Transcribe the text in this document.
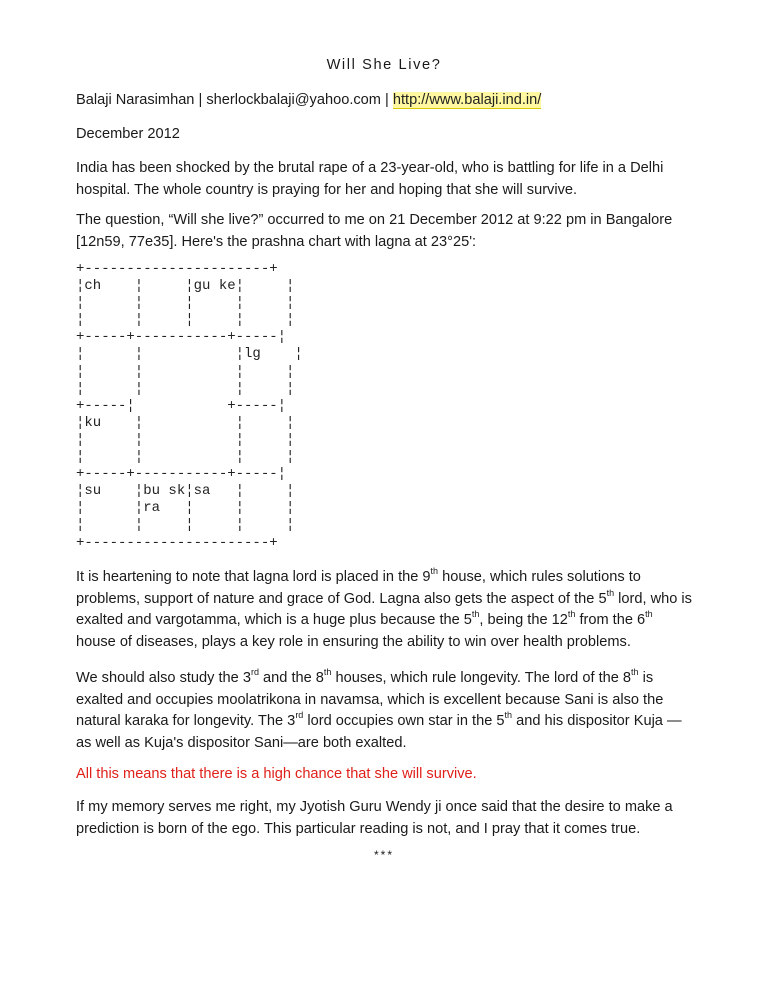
Will She Live?

Balaji Narasimhan | sherlockbalaji@yahoo.com | http://www.balaji.ind.in/

December 2012

India has been shocked by the brutal rape of a 23-year-old, who is battling for life in a Delhi hospital. The whole country is praying for her and hoping that she will survive.

The question, “Will she live?” occurred to me on 21 December 2012 at 9:22 pm in Bangalore [12n59, 77e35]. Here's the prashna chart with lagna at 23°25':

+----------------------+
¦ch    ¦     ¦gu ke¦     ¦
¦      ¦     ¦     ¦     ¦
¦      ¦     ¦     ¦     ¦
+-----+-----------+-----¦
¦      ¦           ¦lg    ¦
¦      ¦           ¦     ¦
¦      ¦           ¦     ¦
+-----¦           +-----¦
¦ku    ¦           ¦     ¦
¦      ¦           ¦     ¦
¦      ¦           ¦     ¦
+-----+-----------+-----¦
¦su    ¦bu sk¦sa   ¦     ¦
¦      ¦ra   ¦     ¦     ¦
¦      ¦     ¦     ¦     ¦
+----------------------+

It is heartening to note that lagna lord is placed in the 9th house, which rules solutions to problems, support of nature and grace of God. Lagna also gets the aspect of the 5th lord, who is exalted and vargotamma, which is a huge plus because the 5th, being the 12th from the 6th house of diseases, plays a key role in ensuring the ability to win over health problems.

We should also study the 3rd and the 8th houses, which rule longevity. The lord of the 8th is exalted and occupies moolatrikona in navamsa, which is excellent because Sani is also the natural karaka for longevity. The 3rd lord occupies own star in the 5th and his dispositor Kuja —as well as Kuja's dispositor Sani—are both exalted.

All this means that there is a high chance that she will survive.

If my memory serves me right, my Jyotish Guru Wendy ji once said that the desire to make a prediction is born of the ego. This particular reading is not, and I pray that it comes true.

***
